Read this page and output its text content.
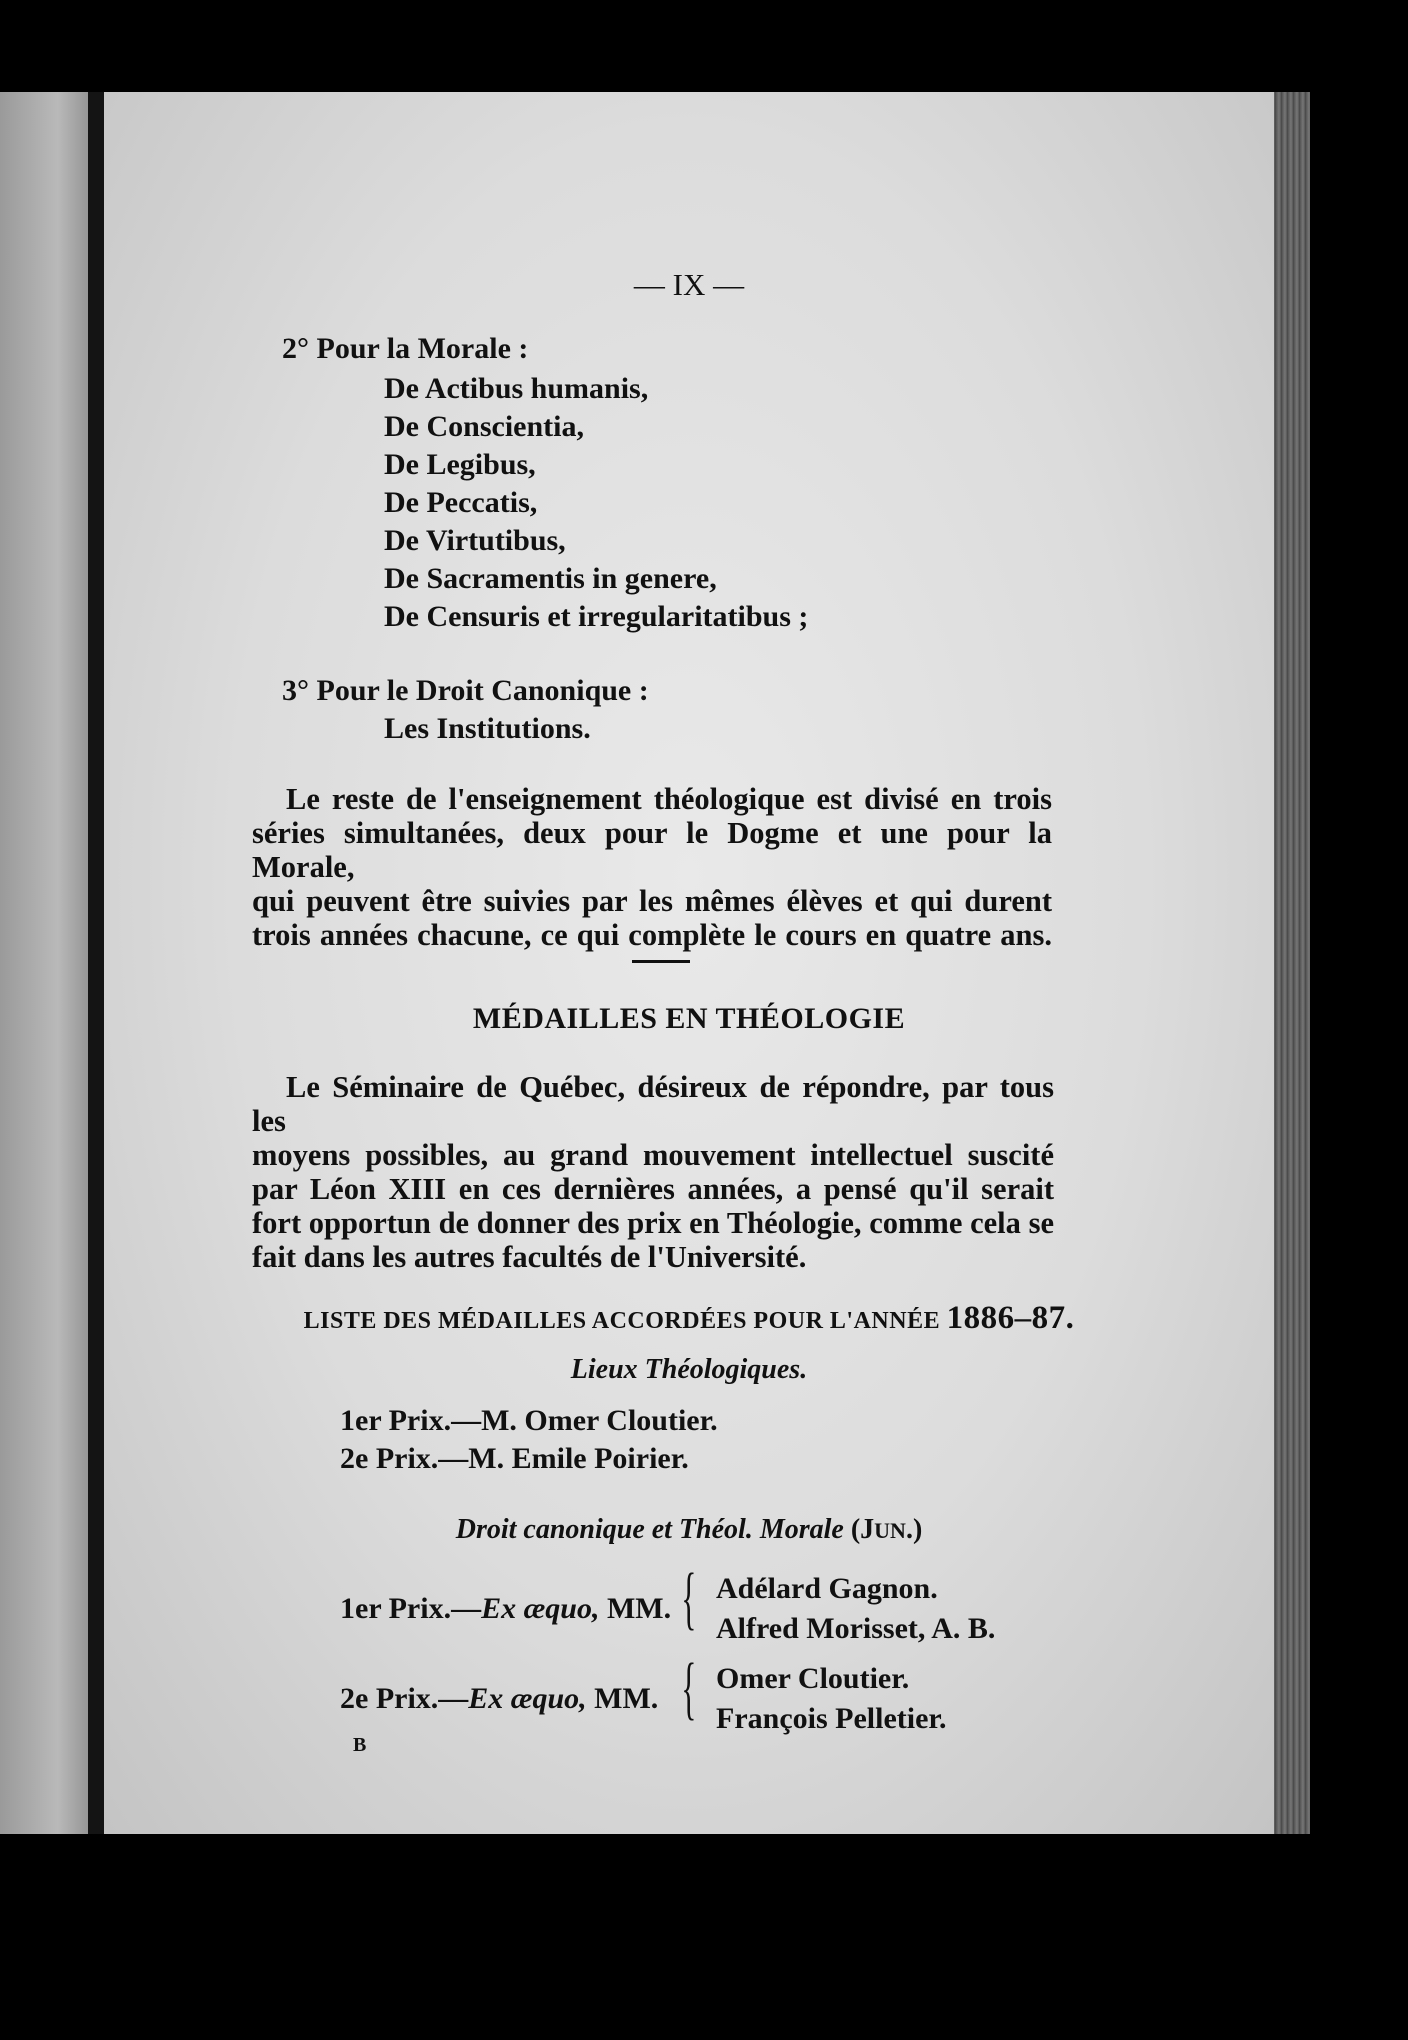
— IX —
2° Pour la Morale :
De Actibus humanis,
De Conscientia,
De Legibus,
De Peccatis,
De Virtutibus,
De Sacramentis in genere,
De Censuris et irregularitatibus ;
3° Pour le Droit Canonique :
Les Institutions.
Le reste de l'enseignement théologique est divisé en trois
séries simultanées, deux pour le Dogme et une pour la Morale,
qui peuvent être suivies par les mêmes élèves et qui durent
trois années chacune, ce qui complète le cours en quatre ans.
MÉDAILLES EN THÉOLOGIE
Le Séminaire de Québec, désireux de répondre, par tous les
moyens possibles, au grand mouvement intellectuel suscité
par Léon XIII en ces dernières années, a pensé qu'il serait
fort opportun de donner des prix en Théologie, comme cela se
fait dans les autres facultés de l'Université.
LISTE DES MÉDAILLES ACCORDÉES POUR L'ANNÉE 1886–87.
Lieux Théologiques.
1er Prix.—M. Omer Cloutier.
2e Prix.—M. Emile Poirier.
Droit canonique et Théol. Morale (JUN.)
1er Prix.—Ex æquo, MM. { Adélard Gagnon.
Alfred Morisset, A. B.
2e Prix.—Ex æquo, MM. { Omer Cloutier.
François Pelletier.
B
